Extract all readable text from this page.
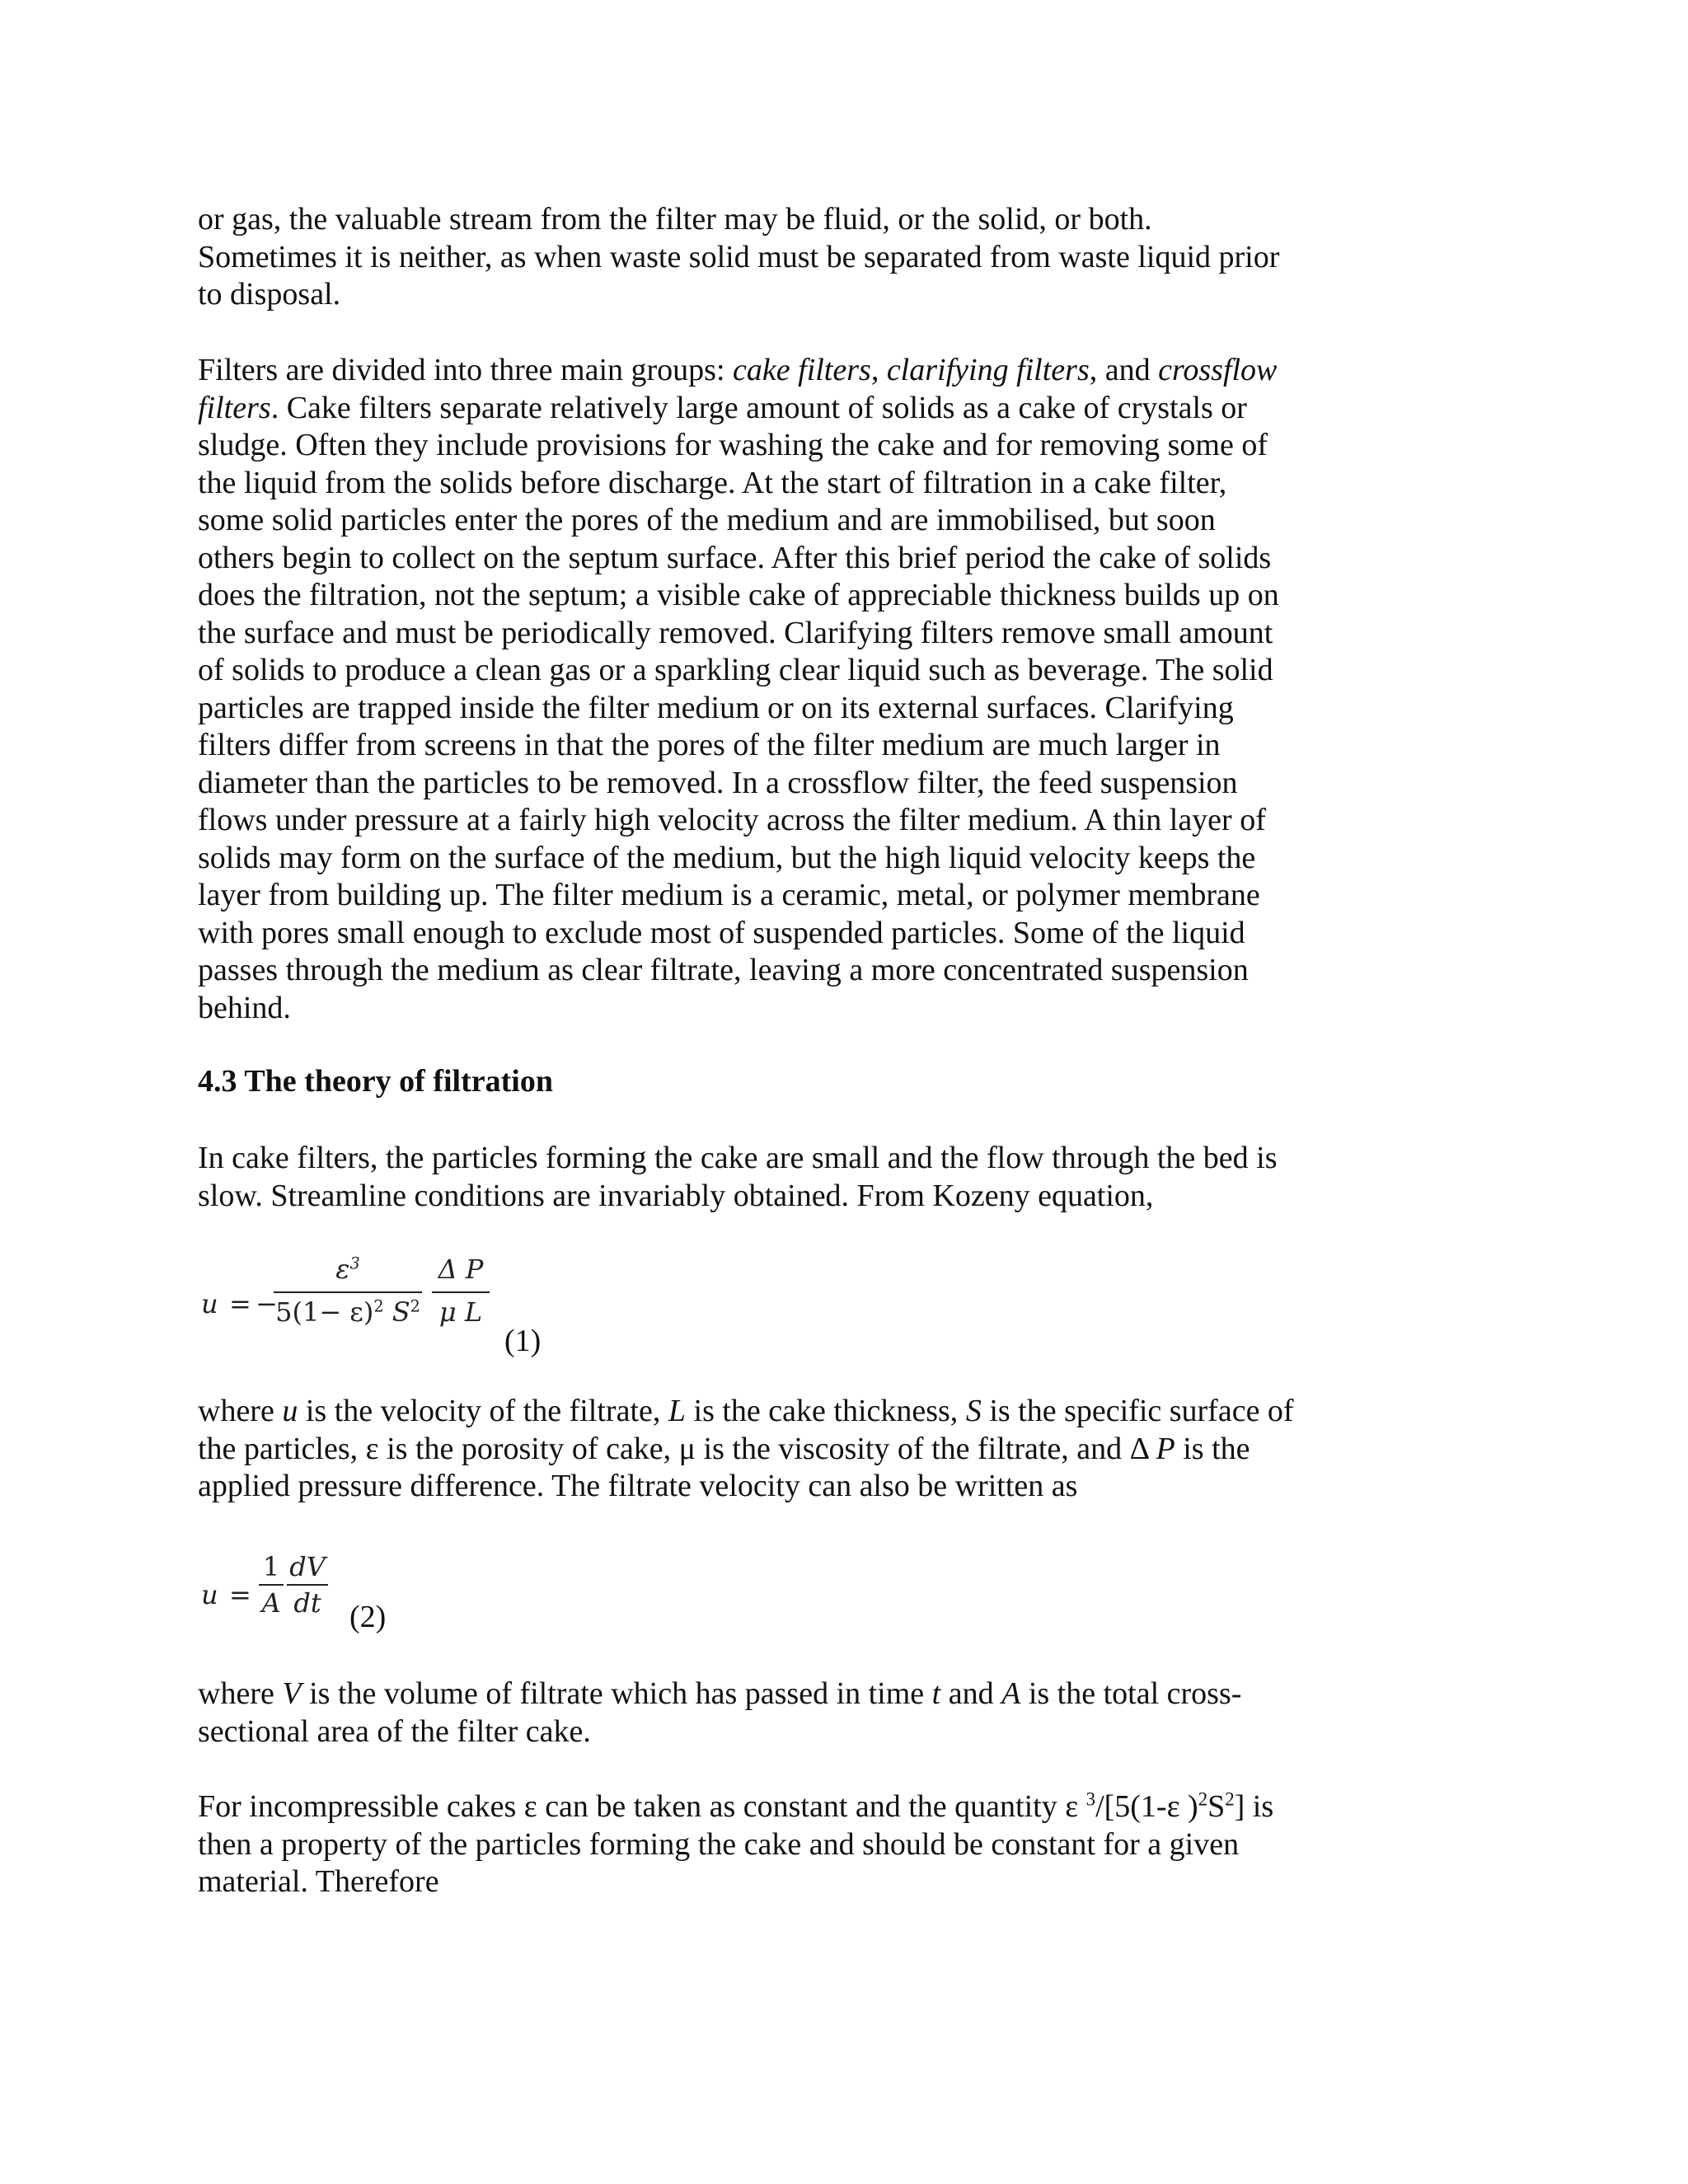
or gas, the valuable stream from the filter may be fluid, or the solid, or both.
Sometimes it is neither, as when waste solid must be separated from waste liquid prior
to disposal.
Filters are divided into three main groups: cake filters, clarifying filters, and crossflow
filters. Cake filters separate relatively large amount of solids as a cake of crystals or
sludge. Often they include provisions for washing the cake and for removing some of
the liquid from the solids before discharge. At the start of filtration in a cake filter,
some solid particles enter the pores of the medium and are immobilised, but soon
others begin to collect on the septum surface. After this brief period the cake of solids
does the filtration, not the septum; a visible cake of appreciable thickness builds up on
the surface and must be periodically removed. Clarifying filters remove small amount
of solids to produce a clean gas or a sparkling clear liquid such as beverage. The solid
particles are trapped inside the filter medium or on its external surfaces. Clarifying
filters differ from screens in that the pores of the filter medium are much larger in
diameter than the particles to be removed. In a crossflow filter, the feed suspension
flows under pressure at a fairly high velocity across the filter medium. A thin layer of
solids may form on the surface of the medium, but the high liquid velocity keeps the
layer from building up. The filter medium is a ceramic, metal, or polymer membrane
with pores small enough to exclude most of suspended particles. Some of the liquid
passes through the medium as clear filtrate, leaving a more concentrated suspension
behind.
4.3 The theory of filtration
In cake filters, the particles forming the cake are small and the flow through the bed is
slow. Streamline conditions are invariably obtained. From Kozeny equation,
u = −
$\varepsilon^3$
$5(1- \varepsilon)^2$ $S^2$
Δ P
μ L
(1)
where u is the velocity of the filtrate, L is the cake thickness, S is the specific surface of
the particles, ε is the porosity of cake, μ is the viscosity of the filtrate, and Δ P is the
applied pressure difference. The filtrate velocity can also be written as
u =
1
A
dV
dt (2)
where V is the volume of filtrate which has passed in time t and A is the total cross-
sectional area of the filter cake.
For incompressible cakes ε can be taken as constant and the quantity ε $^3$/[5(1-ε )$^2S^2$] is
then a property of the particles forming the cake and should be constant for a given
material. Therefore
